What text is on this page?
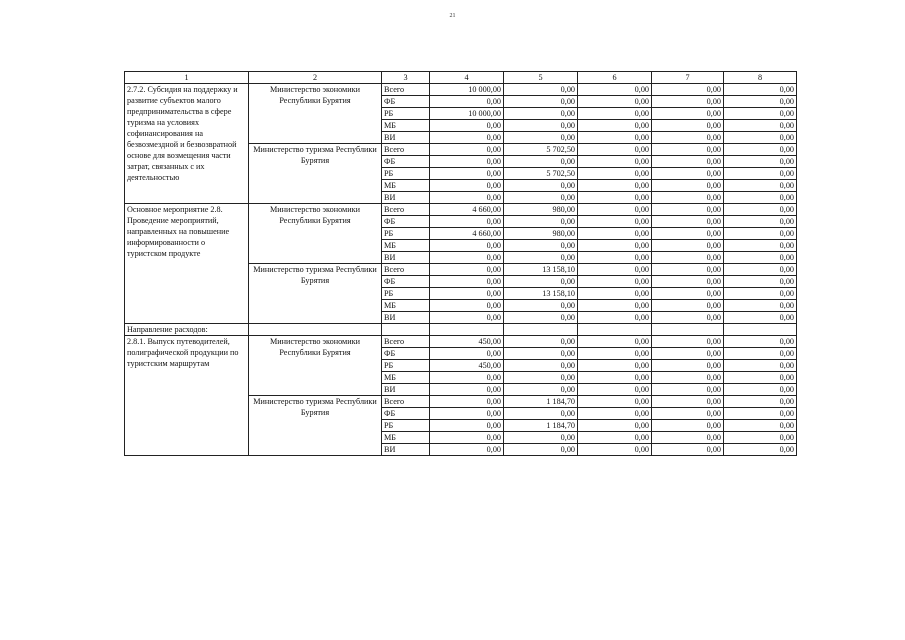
21
1	2	3	4	5	6	7	8
2.7.2. Субсидия на поддержку и развитие субъектов малого предпринимательства в сфере туризма на условиях софинансирования на безвозмездной и безвозвратной основе для возмещения части затрат, связанных с их деятельностью	Министерство экономики Республики Бурятия	Всего	10 000,00	0,00	0,00	0,00	0,00
		ФБ	0,00	0,00	0,00	0,00	0,00
		РБ	10 000,00	0,00	0,00	0,00	0,00
		МБ	0,00	0,00	0,00	0,00	0,00
		ВИ	0,00	0,00	0,00	0,00	0,00
	Министерство туризма Республики Бурятия	Всего	0,00	5 702,50	0,00	0,00	0,00
		ФБ	0,00	0,00	0,00	0,00	0,00
		РБ	0,00	5 702,50	0,00	0,00	0,00
		МБ	0,00	0,00	0,00	0,00	0,00
		ВИ	0,00	0,00	0,00	0,00	0,00
Основное мероприятие 2.8. Проведение мероприятий, направленных на повышение информированности о туристском продукте	Министерство экономики Республики Бурятия	Всего	4 660,00	980,00	0,00	0,00	0,00
		ФБ	0,00	0,00	0,00	0,00	0,00
		РБ	4 660,00	980,00	0,00	0,00	0,00
		МБ	0,00	0,00	0,00	0,00	0,00
		ВИ	0,00	0,00	0,00	0,00	0,00
	Министерство туризма Республики Бурятия	Всего	0,00	13 158,10	0,00	0,00	0,00
		ФБ	0,00	0,00	0,00	0,00	0,00
		РБ	0,00	13 158,10	0,00	0,00	0,00
		МБ	0,00	0,00	0,00	0,00	0,00
		ВИ	0,00	0,00	0,00	0,00	0,00
Направление расходов:							
2.8.1. Выпуск путеводителей, полиграфической продукции по туристским маршрутам	Министерство экономики Республики Бурятия	Всего	450,00	0,00	0,00	0,00	0,00
		ФБ	0,00	0,00	0,00	0,00	0,00
		РБ	450,00	0,00	0,00	0,00	0,00
		МБ	0,00	0,00	0,00	0,00	0,00
		ВИ	0,00	0,00	0,00	0,00	0,00
	Министерство туризма Республики Бурятия	Всего	0,00	1 184,70	0,00	0,00	0,00
		ФБ	0,00	0,00	0,00	0,00	0,00
		РБ	0,00	1 184,70	0,00	0,00	0,00
		МБ	0,00	0,00	0,00	0,00	0,00
		ВИ	0,00	0,00	0,00	0,00	0,00
